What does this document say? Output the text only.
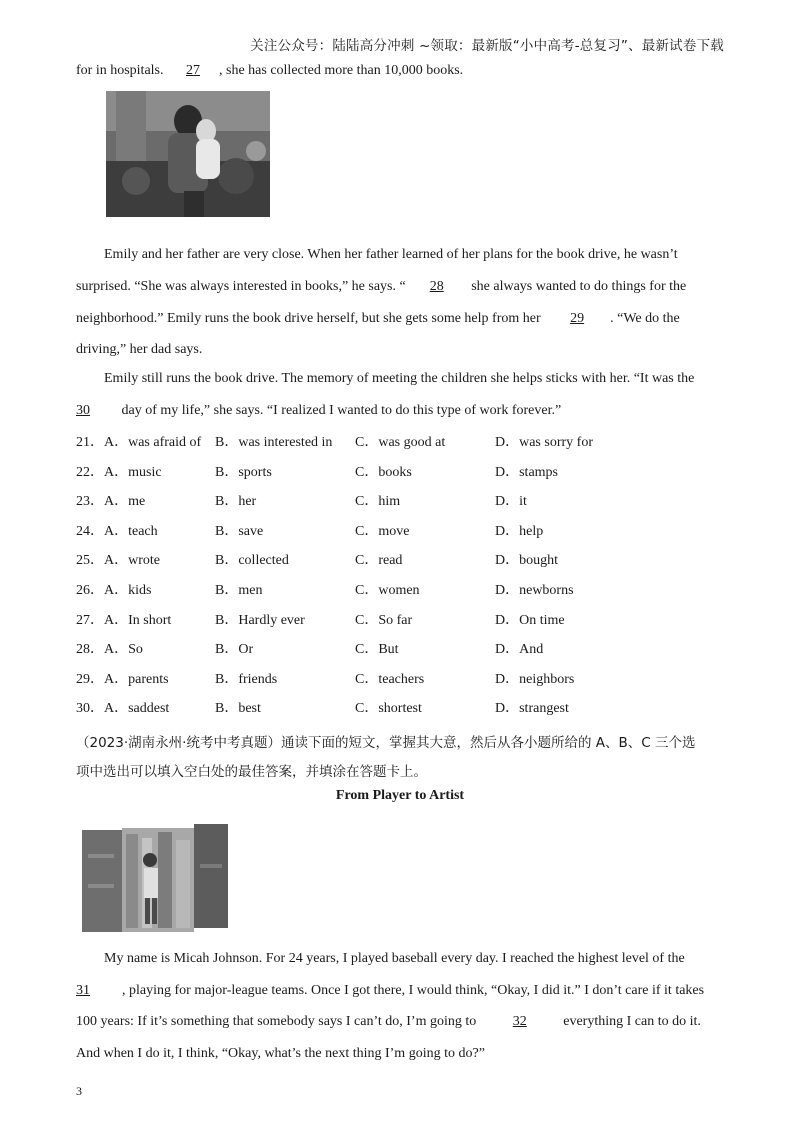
关注公众号：陆陆高分冲刺 ~领取：最新版“小中高考-总复习”、最新试卷下载
for in hospitals. 27 , she has collected more than 10,000 books.
Emily and her father are very close. When her father learned of her plans for the book drive, he wasn’t
surprised. “She was always interested in books,” he says. “ 28 she always wanted to do things for the
neighborhood.” Emily runs the book drive herself, but she gets some help from her 29 . “We do the
driving,” her dad says.
Emily still runs the book drive. The memory of meeting the children she helps sticks with her. “It was the
30 day of my life,” she says. “I realized I wanted to do this type of work forever.”
21． A．was afraid of B．was interested in C．was good at	D．was sorry for
22． A．music	B．sports	C．books	D．stamps
23． A．me	B．her	C．him	D．it
24． A．teach	B．save	C．move	D．help
25． A．wrote	B．collected	C．read	D．bought
26． A．kids	B．men	C．women	D．newborns
27． A．In short	B．Hardly ever	C．So far	D．On time
28． A．So	B．Or	C．But	D．And
29． A．parents	B．friends	C．teachers	D．neighbors
30． A．saddest	B．best	C．shortest	D．strangest
（2023·湖南永州·统考中考真题）通读下面的短文，掌握其大意，然后从各小题所给的 A、B、C 三个选
项中选出可以填入空白处的最佳答案，并填涂在答题卡上。
From Player to Artist
My name is Micah Johnson. For 24 years, I played baseball every day. I reached the highest level of the
31 , playing for major-league teams. Once I got there, I would think, “Okay, I did it.” I don’t care if it takes
100 years: If it’s something that somebody says I can’t do, I’m going to 32 everything I can to do it.
And when I do it, I think, “Okay, what’s the next thing I’m going to do?”
3
